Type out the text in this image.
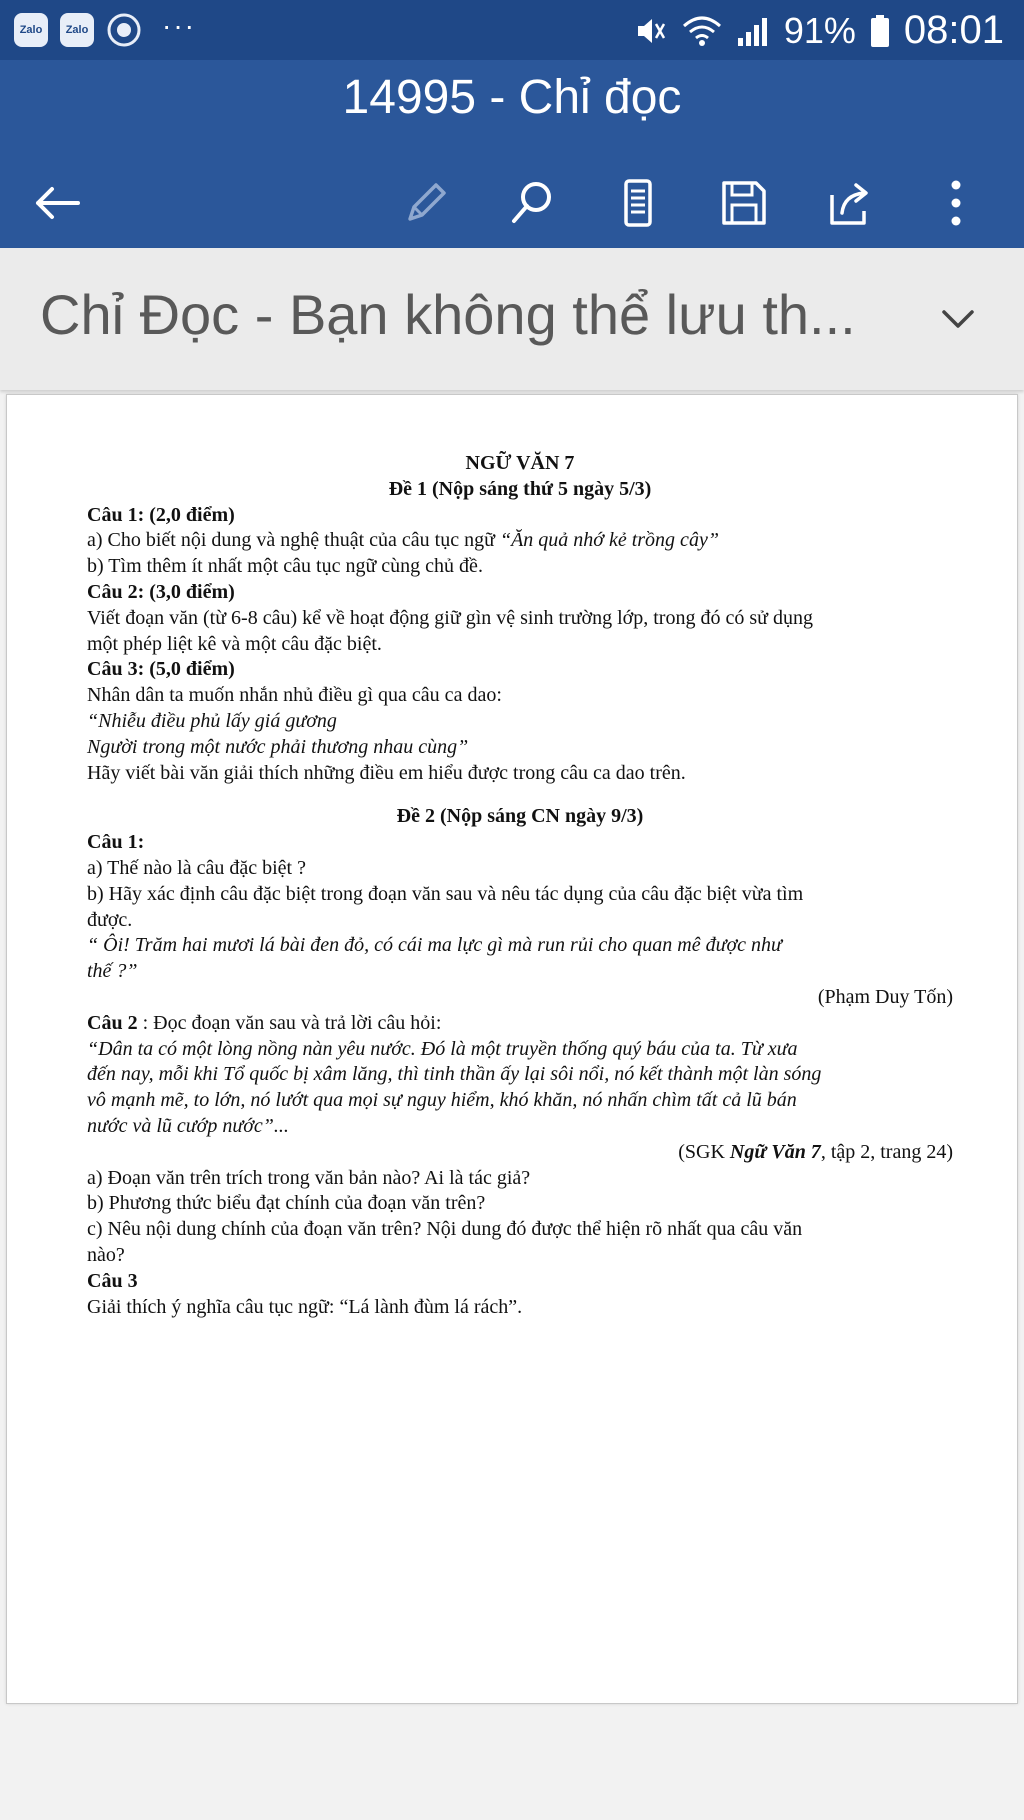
Zalo	Zalo	···	91% 08:01
14995 - Chỉ đọc
Chỉ Đọc - Bạn không thể lưu th...

NGỮ VĂN 7

Đề 1 (Nộp sáng thứ 5 ngày 5/3)

Câu 1: (2,0 điểm)

a) Cho biết nội dung và nghệ thuật của câu tục ngữ “Ăn quả nhớ kẻ trồng cây”

b) Tìm thêm ít nhất một câu tục ngữ cùng chủ đề.

Câu 2: (3,0 điểm)

Viết đoạn văn (từ 6-8 câu) kể về hoạt động giữ gìn vệ sinh trường lớp, trong đó có sử dụng

một phép liệt kê và một câu đặc biệt.

Câu 3: (5,0 điểm)

Nhân dân ta muốn nhắn nhủ điều gì qua câu ca dao:

“Nhiễu điều phủ lấy giá gương

Người trong một nước phải thương nhau cùng”

Hãy viết bài văn giải thích những điều em hiểu được trong câu ca dao trên.

Đề 2 (Nộp sáng CN ngày 9/3)

Câu 1:

a) Thế nào là câu đặc biệt ?

b) Hãy xác định câu đặc biệt trong đoạn văn sau và nêu tác dụng của câu đặc biệt vừa tìm

được.

“ Ôi! Trăm hai mươi lá bài đen đỏ, có cái ma lực gì mà run rủi cho quan mê được như

thế ?”

(Phạm Duy Tốn)

Câu 2 : Đọc đoạn văn sau và trả lời câu hỏi:

“Dân ta có một lòng nồng nàn yêu nước. Đó là một truyền thống quý báu của ta. Từ xưa

đến nay, mỗi khi Tổ quốc bị xâm lăng, thì tinh thần ấy lại sôi nổi, nó kết thành một làn sóng

vô mạnh mẽ, to lớn, nó lướt qua mọi sự nguy hiểm, khó khăn, nó nhấn chìm tất cả lũ bán

nước và lũ cướp nước”...

(SGK Ngữ Văn 7, tập 2, trang 24)

a) Đoạn văn trên trích trong văn bản nào? Ai là tác giả?

b) Phương thức biểu đạt chính của đoạn văn trên?

c) Nêu nội dung chính của đoạn văn trên? Nội dung đó được thể hiện rõ nhất qua câu văn

nào?

Câu 3

Giải thích ý nghĩa câu tục ngữ: “Lá lành đùm lá rách”.
